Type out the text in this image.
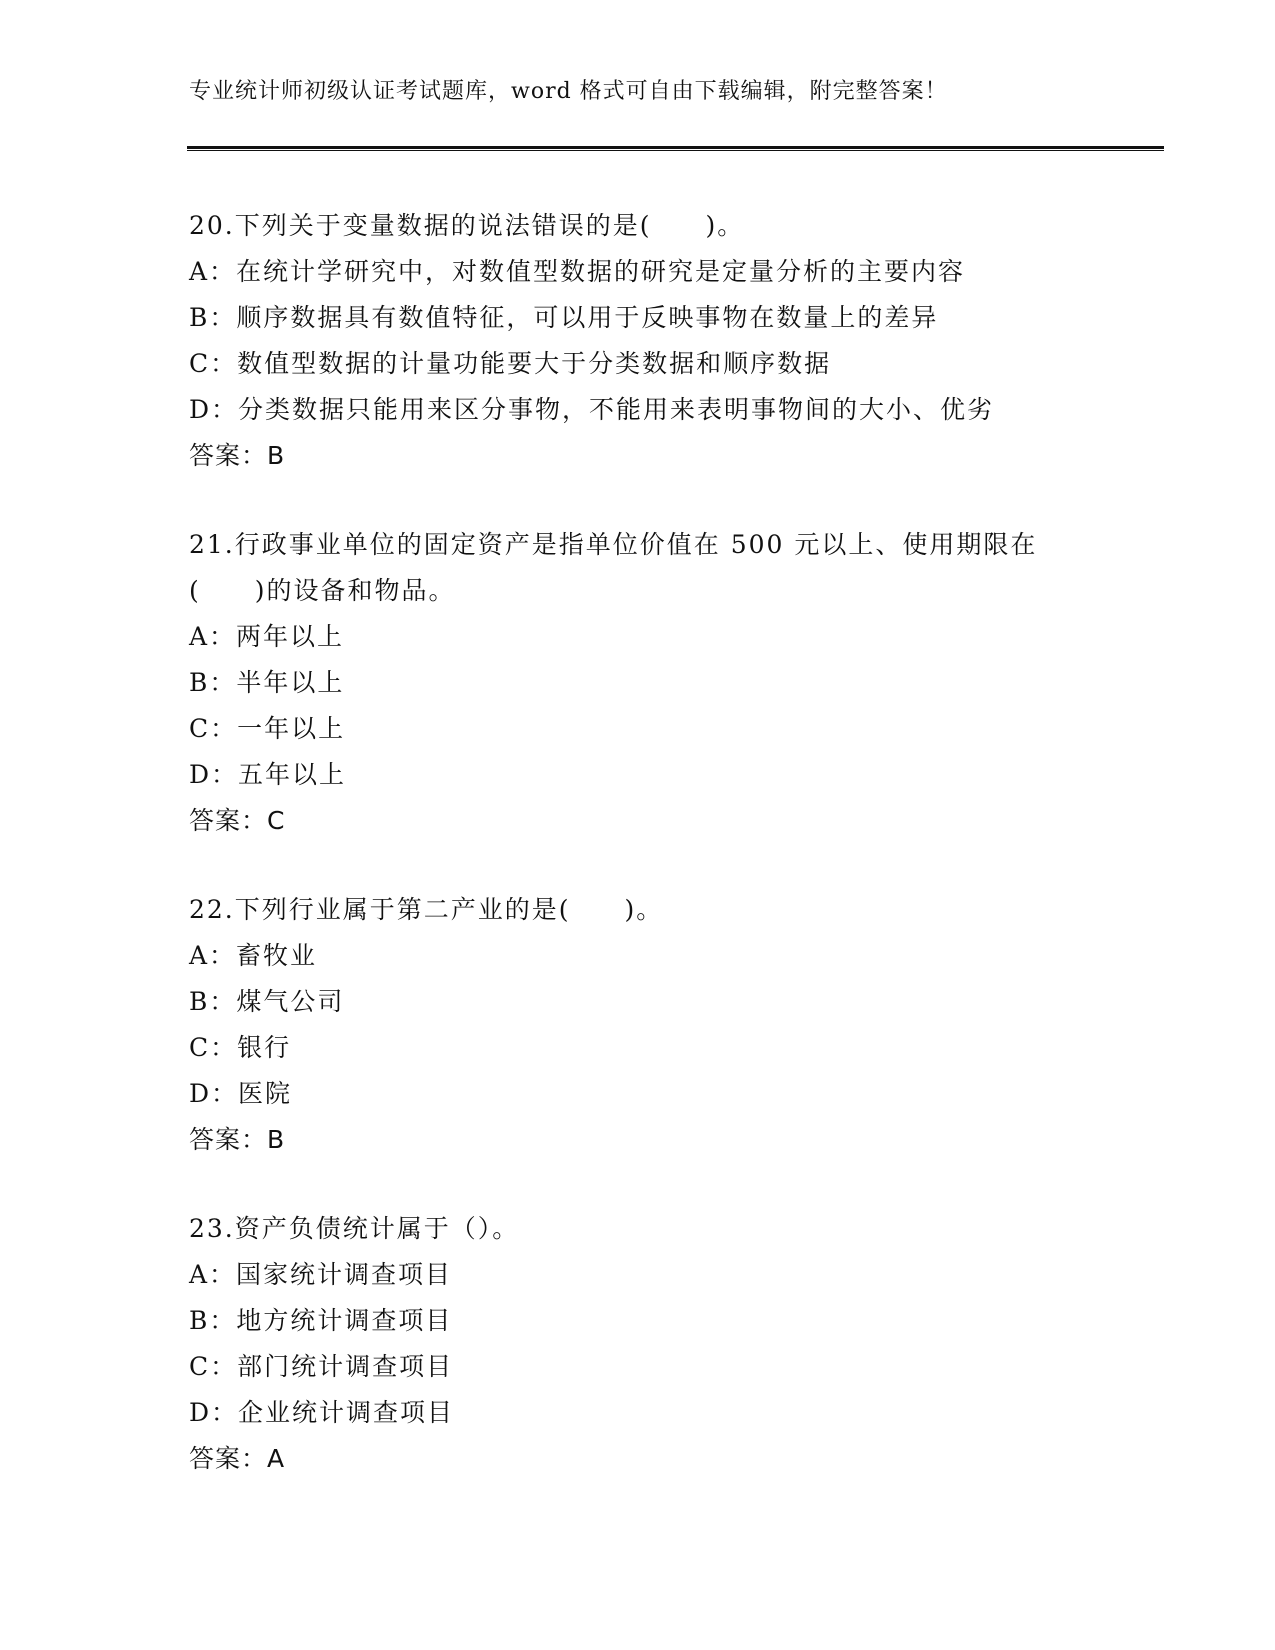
专业统计师初级认证考试题库，word 格式可自由下载编辑，附完整答案！
20.下列关于变量数据的说法错误的是(　　)。
A：在统计学研究中，对数值型数据的研究是定量分析的主要内容
B：顺序数据具有数值特征，可以用于反映事物在数量上的差异
C：数值型数据的计量功能要大于分类数据和顺序数据
D：分类数据只能用来区分事物，不能用来表明事物间的大小、优劣
答案：B
21.行政事业单位的固定资产是指单位价值在 500 元以上、使用期限在
(　　)的设备和物品。
A：两年以上
B：半年以上
C：一年以上
D：五年以上
答案：C
22.下列行业属于第二产业的是(　　)。
A：畜牧业
B：煤气公司
C：银行
D：医院
答案：B
23.资产负债统计属于（）。
A：国家统计调查项目
B：地方统计调查项目
C：部门统计调查项目
D：企业统计调查项目
答案：A
